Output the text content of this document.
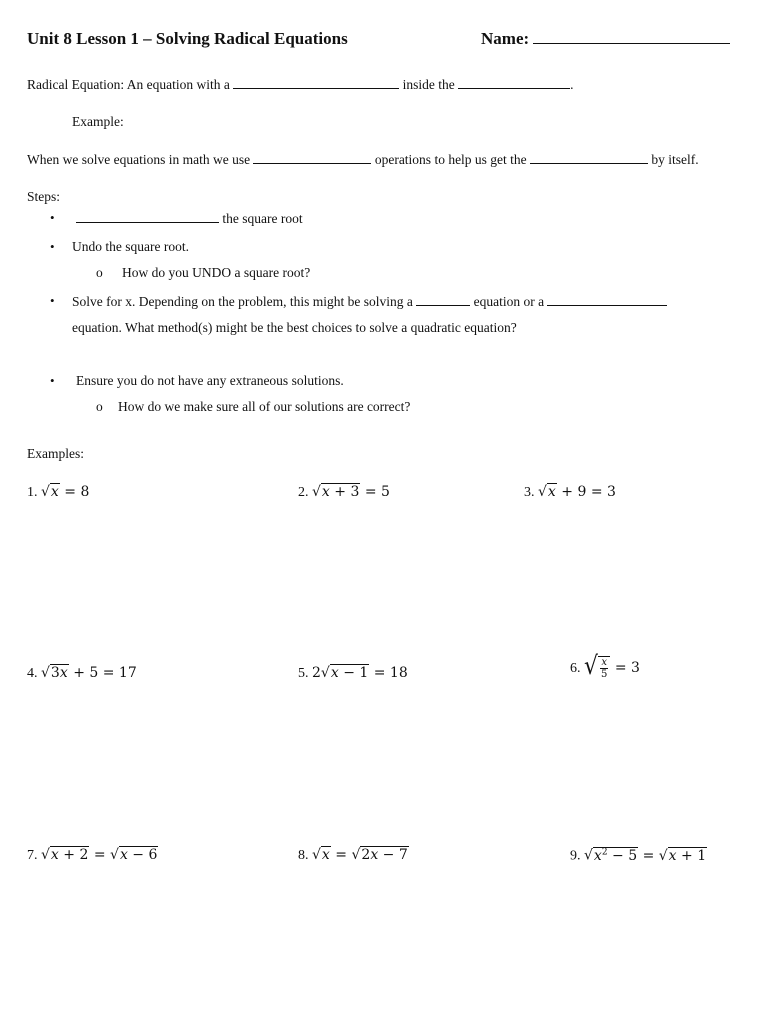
Unit 8 Lesson 1 – Solving Radical Equations	Name:
Radical Equation: An equation with a	inside the	.
Example:
When we solve equations in math we use	operations to help us get the	by itself.
Steps:
•	the square root
• Undo the square root.
o How do you UNDO a square root?
• Solve for x. Depending on the problem, this might be solving a	equation or a
equation. What method(s) might be the best choices to solve a quadratic equation?
• Ensure you do not have any extraneous solutions.
o How do we make sure all of our solutions are correct?
Examples:
1. √x = 8	2. √x + 3 = 5	3. √x + 9 = 3
4. √3x + 5 = 17	5. 2√x − 1 = 18	6. √ $\frac{x}{5} = 3$
7. √x + 2 = √x − 6	8. √x = √2x − 7	9. $√x^2 - 5 = √x + 1$
